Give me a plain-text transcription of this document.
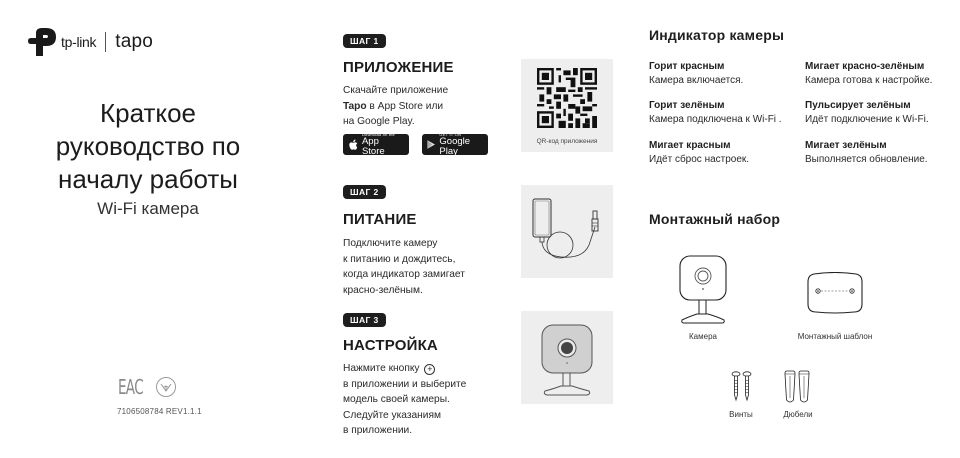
tp-link tapo
Краткое
руководство по
началу работы
Wi-Fi камера
ЕАС
7106508784 REV1.1.1
ШАГ 1
ПРИЛОЖЕНИЕ
Скачайте приложение
Tapo в App Store или
на Google Play.
Download on the
App Store
GET IT ON
Google Play
QR-код приложения
ШАГ 2
ПИТАНИЕ
Подключите камеру
к питанию и дождитесь,
когда индикатор замигает
красно-зелёным.
ШАГ 3
НАСТРОЙКА
Нажмите кнопку +
в приложении и выберите
модель своей камеры.
Следуйте указаниям
в приложении.
Индикатор камеры
Горит красным
Камера включается.
Мигает красно-зелёным
Камера готова к настройке.
Горит зелёным
Камера подключена к Wi-Fi .
Пульсирует зелёным
Идёт подключение к Wi-Fi.
Мигает красным
Идёт сброс настроек.
Мигает зелёным
Выполняется обновление.
Монтажный набор
Камера	Монтажный шаблон
Винты	Дюбели
